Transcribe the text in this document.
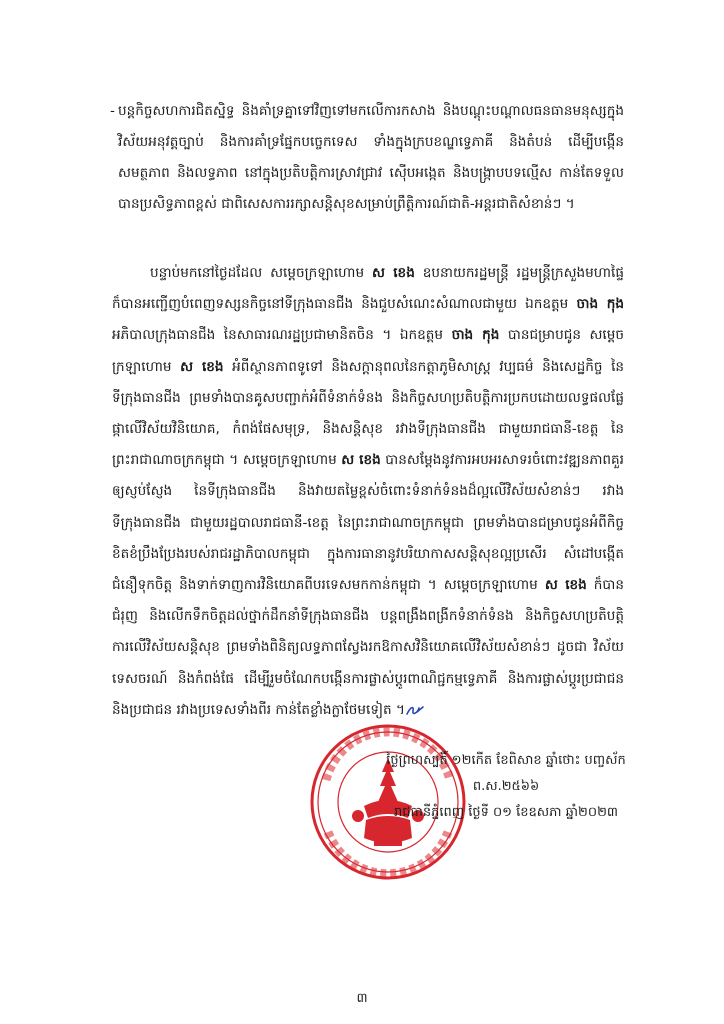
- បន្តកិច្ចសហការជិតស្និទ្ធ និងគាំទ្រគ្នាទៅវិញទៅមកលើការកសាង និងបណ្តុះបណ្តាលធនធានមនុស្សក្នុងវិស័យអនុវត្តច្បាប់ និងការគាំទ្រផ្នែកបច្ចេកទេស ទាំងក្នុងក្របខណ្ឌទ្វេភាគី និងតំបន់ ដើម្បីបង្កើនសមត្ថភាព និងលទ្ធភាព នៅក្នុងប្រតិបត្តិការស្រាវជ្រាវ ស៊ើបអង្កេត និងបង្ក្រាបបទល្មើស កាន់តែទទួលបានប្រសិទ្ធភាពខ្ពស់ ជាពិសេសការរក្សាសន្តិសុខសម្រាប់ព្រឹត្តិការណ៍ជាតិ-អន្តរជាតិសំខាន់ៗ ។
បន្ទាប់មកនៅថ្ងៃដដែល សម្តេចក្រឡាហោម ស ខេង ឧបនាយករដ្ឋមន្ត្រី រដ្ឋមន្ត្រីក្រសួងមហាផ្ទៃ ក៏បានអញ្ជើញបំពេញទស្សនកិច្ចនៅទីក្រុងធានជីង និងជួបសំណេះសំណាលជាមួយ ឯកឧត្តម ចាង កុង អភិបាលក្រុងធានជីង នៃសាធារណរដ្ឋប្រជាមានិតចិន ។ ឯកឧត្តម ចាង កុង បានជម្រាបជូន សម្តេចក្រឡាហោម ស ខេង អំពីស្ថានភាពទូទៅ និងសក្តានុពលនៃកត្តាភូមិសាស្ត្រ វប្បធម៌ និងសេដ្ឋកិច្ច នៃទីក្រុងធានជីង ព្រមទាំងបានគូសបញ្ជាក់អំពីទំនាក់ទំនង និងកិច្ចសហប្រតិបត្តិការប្រកបដោយលទ្ធផលផ្លែផ្កាលើវិស័យវិនិយោគ, កំពង់ផែសមុទ្រ, និងសន្តិសុខ រវាងទីក្រុងធានជីង ជាមួយរាជធានី-ខេត្ត នៃព្រះរាជាណាចក្រកម្ពុជា ។ សម្តេចក្រឡាហោម ស ខេង បានសម្តែងនូវការអបអរសាទរចំពោះវឌ្ឍនភាពគួរឲ្យស្ញប់ស្ញែង នៃទីក្រុងធានជីង និងវាយតម្លៃខ្ពស់ចំពោះទំនាក់ទំនងដ៏ល្អលើវិស័យសំខាន់ៗ រវាងទីក្រុងធានជីង ជាមួយរដ្ឋបាលរាជធានី-ខេត្ត នៃព្រះរាជាណាចក្រកម្ពុជា ព្រមទាំងបានជម្រាបជូនអំពីកិច្ចខិតខំប្រឹងប្រែងរបស់រាជរដ្ឋាភិបាលកម្ពុជា ក្នុងការធានានូវបរិយាកាសសន្តិសុខល្អប្រសើរ សំដៅបង្កើតជំនឿទុកចិត្ត និងទាក់ទាញការវិនិយោគពីបរទេសមកកាន់កម្ពុជា ។ សម្តេចក្រឡាហោម ស ខេង ក៏បានជំរុញ និងលើកទឹកចិត្តដល់ថ្នាក់ដឹកនាំទីក្រុងធានជីង បន្តពង្រឹងពង្រីកទំនាក់ទំនង និងកិច្ចសហប្រតិបត្តិការលើវិស័យសន្តិសុខ ព្រមទាំងពិនិត្យលទ្ធភាពស្វែងរកឱកាសវិនិយោគលើវិស័យសំខាន់ៗ ដូចជា វិស័យទេសចរណ៍ និងកំពង់ផែ ដើម្បីរួមចំណែកបង្កើនការផ្លាស់ប្តូរពាណិជ្ជកម្មទ្វេភាគី និងការផ្លាស់ប្តូរប្រជាជន និងប្រជាជន រវាងប្រទេសទាំងពីរ កាន់តែខ្លាំងក្លាថែមទៀត ។
ថ្ងៃព្រហស្បតិ៍ ១២កើត ខែពិសាខ ឆ្នាំថោះ បញ្ចស័ក ព.ស.២៥៦៦
រាជធានីភ្នំពេញ ថ្ងៃទី ០១ ខែឧសភា ឆ្នាំ២០២៣
៣
